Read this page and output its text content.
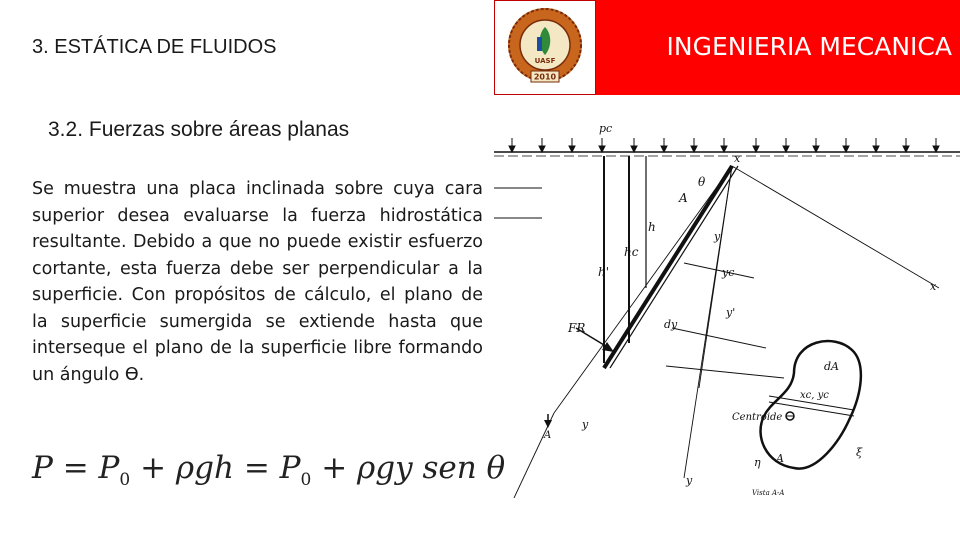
3. ESTÁTICA DE FLUIDOS
UASF
2010
INGENIERIA MECANICA
3.2. Fuerzas sobre áreas planas
Se muestra una placa inclinada sobre cuya cara superior desea evaluarse la fuerza hidrostática resultante. Debido a que no puede existir esfuerzo cortante, esta fuerza debe ser perpendicular a la superficie. Con propósitos de cálculo, el plano de la superficie sumergida se extiende hasta que interseque el plano de la superficie libre formando un ángulo ϴ.
$P = P_0 + \rho gh = P_0 + \rho gy$ sen θ
pc
x
θ
A
h
hc
h'
y
yc
y'
x
FR	dy
dA
xc, yc
Centroide
A
η A	ξ
y
y
Vista A-A
